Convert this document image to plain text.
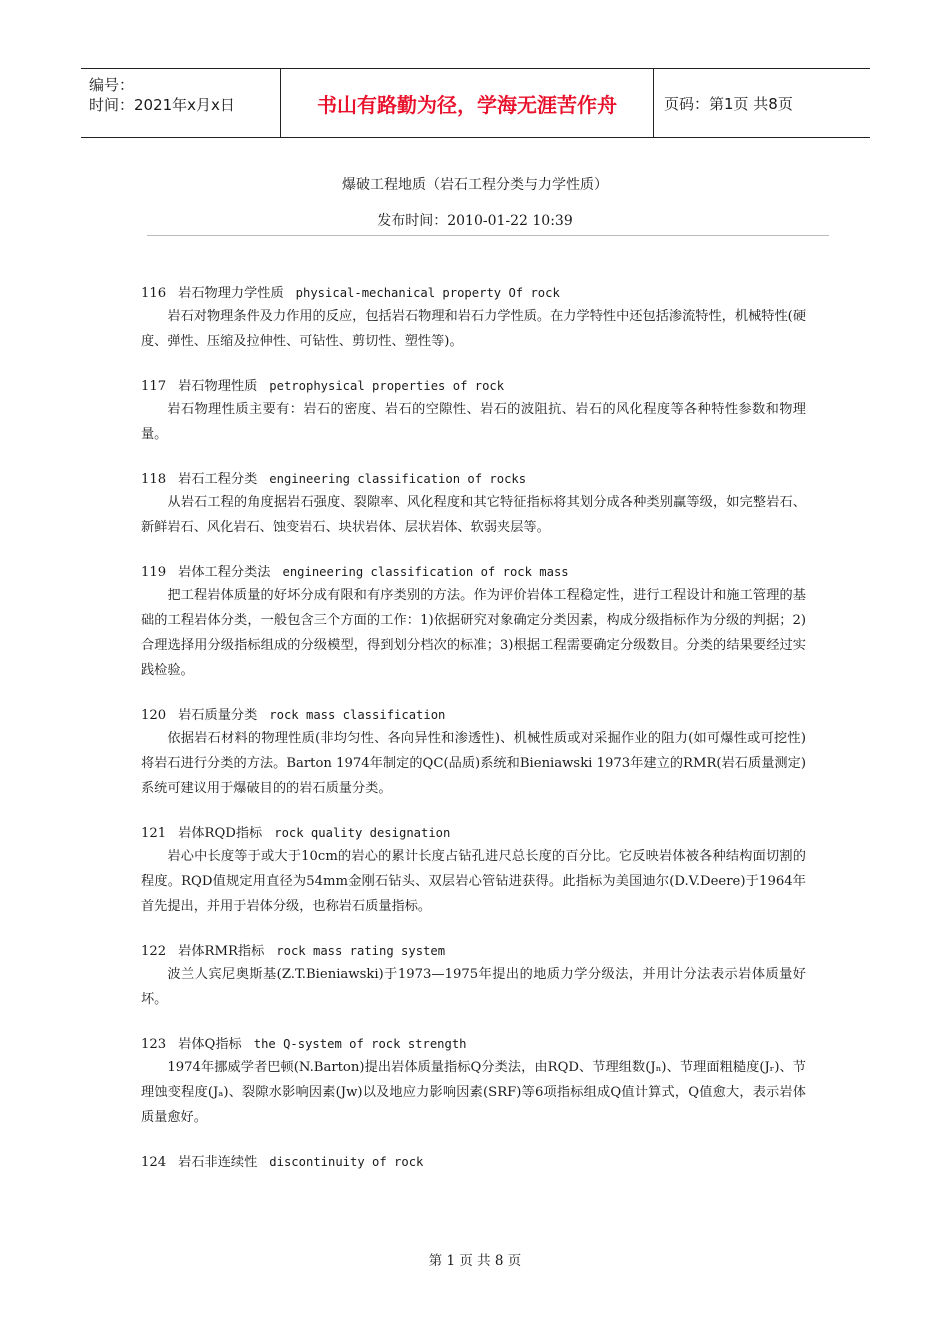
编号：
时间：2021年x月x日	书山有路勤为径，学海无涯苦作舟	页码：第1页 共8页
爆破工程地质（岩石工程分类与力学性质）
发布时间：2010-01-22 10:39
116 岩石物理力学性质 physical-mechanical property Of rock
岩石对物理条件及力作用的反应，包括岩石物理和岩石力学性质。在力学特性中还包括渗流特性，机械特性(硬度、弹性、压缩及拉伸性、可钻性、剪切性、塑性等)。
117 岩石物理性质 petrophysical properties of rock
岩石物理性质主要有：岩石的密度、岩石的空隙性、岩石的波阻抗、岩石的风化程度等各种特性参数和物理量。
118 岩石工程分类 engineering classification of rocks
从岩石工程的角度据岩石强度、裂隙率、风化程度和其它特征指标将其划分成各种类别赢等级，如完整岩石、新鲜岩石、风化岩石、蚀变岩石、块状岩体、层状岩体、软弱夹层等。
119 岩体工程分类法 engineering classification of rock mass
把工程岩体质量的好坏分成有限和有序类别的方法。作为评价岩体工程稳定性，进行工程设计和施工管理的基础的工程岩体分类，一般包含三个方面的工作：1)依据研究对象确定分类因素，构成分级指标作为分级的判据；2)合理选择用分级指标组成的分级模型，得到划分档次的标准；3)根据工程需要确定分级数目。分类的结果要经过实践检验。
120 岩石质量分类 rock mass classification
依据岩石材料的物理性质(非均匀性、各向异性和渗透性)、机械性质或对采掘作业的阻力(如可爆性或可挖性)将岩石进行分类的方法。Barton 1974年制定的QC(品质)系统和Bieniawski 1973年建立的RMR(岩石质量测定)系统可建议用于爆破目的的岩石质量分类。
121 岩体RQD指标 rock quality designation
岩心中长度等于或大于10cm的岩心的累计长度占钻孔进尺总长度的百分比。它反映岩体被各种结构面切割的程度。RQD值规定用直径为54mm金刚石钻头、双层岩心管钻进获得。此指标为美国迪尔(D.V.Deere)于1964年首先提出，并用于岩体分级，也称岩石质量指标。
122 岩体RMR指标 rock mass rating system
波兰人宾尼奥斯基(Z.T.Bieniawski)于1973—1975年提出的地质力学分级法，并用计分法表示岩体质量好坏。
123 岩体Q指标 the Q-system of rock strength
1974年挪威学者巴顿(N.Barton)提出岩体质量指标Q分类法，由RQD、节理组数(Jₙ)、节理面粗糙度(Jᵣ)、节理蚀变程度(Jₐ)、裂隙水影响因素(Jw)以及地应力影响因素(SRF)等6项指标组成Q值计算式，Q值愈大，表示岩体质量愈好。
124 岩石非连续性 discontinuity of rock
第 1 页 共 8 页
